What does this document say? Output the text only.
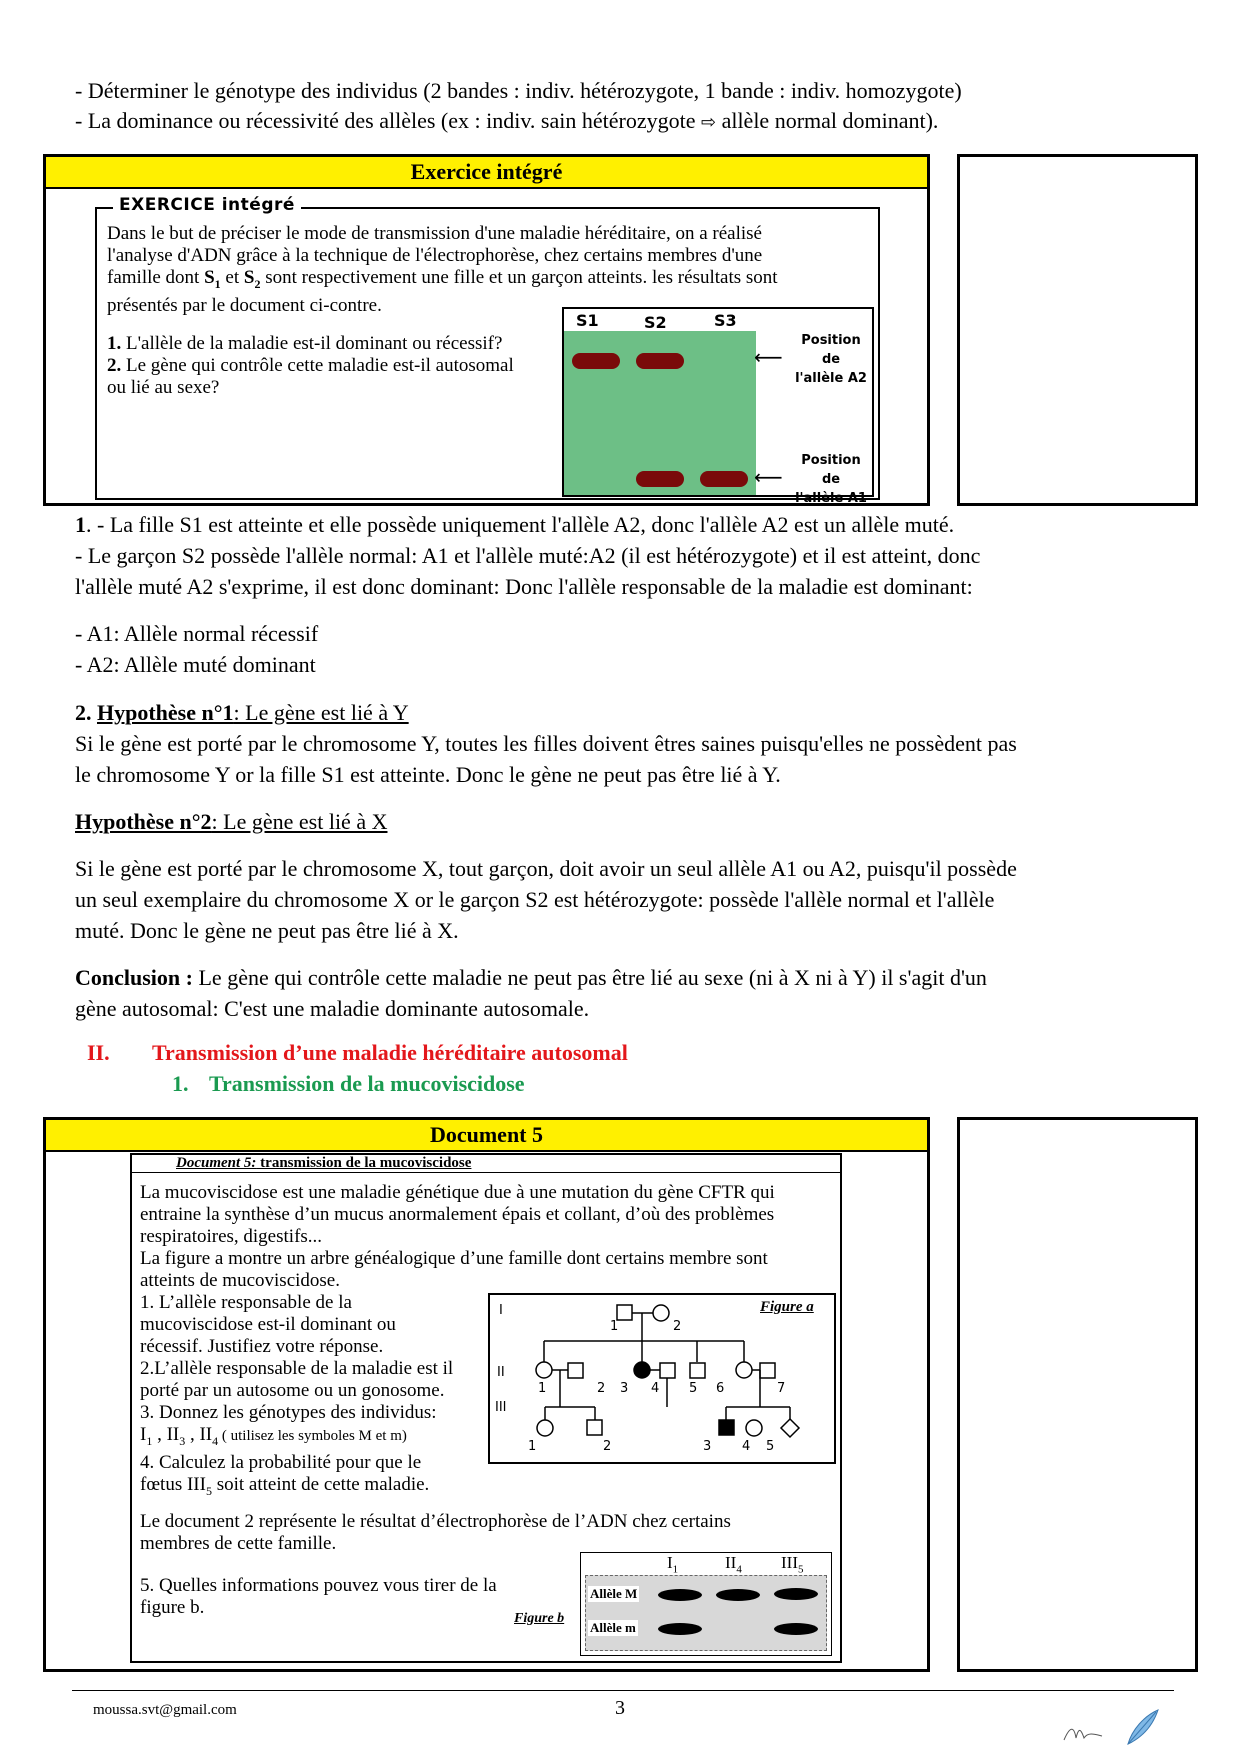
- Déterminer le génotype des individus (2 bandes : indiv. hétérozygote, 1 bande : indiv. homozygote)
- La dominance ou récessivité des allèles (ex : indiv. sain hétérozygote ⇨ allèle normal dominant).
Exercice intégré
EXERCICE intégré
Dans le but de préciser le mode de transmission d'une maladie héréditaire, on a réalisé
l'analyse d'ADN grâce à la technique de l'électrophorèse, chez certains membres d'une
famille dont $S_1$ et $S_2$ sont respectivement une fille et un garçon atteints. les résultats sont
présentés par le document ci-contre.
1. L'allèle de la maladie est-il dominant ou récessif?
2. Le gène qui contrôle cette maladie est-il autosomal
ou lié au sexe?
S1	S2	S3
⟵
Position de
l'allèle A2
⟵
Position de
l'allèle A1
1. - La fille S1 est atteinte et elle possède uniquement l'allèle A2, donc l'allèle A2 est un allèle muté.
- Le garçon S2 possède l'allèle normal: A1 et l'allèle muté:A2 (il est hétérozygote) et il est atteint, donc
l'allèle muté A2 s'exprime, il est donc dominant: Donc l'allèle responsable de la maladie est dominant:
- A1: Allèle normal récessif
- A2: Allèle muté dominant
2. Hypothèse n°1: Le gène est lié à Y
Si le gène est porté par le chromosome Y, toutes les filles doivent êtres saines puisqu'elles ne possèdent pas
le chromosome Y or la fille S1 est atteinte. Donc le gène ne peut pas être lié à Y.
Hypothèse n°2: Le gène est lié à X
Si le gène est porté par le chromosome X, tout garçon, doit avoir un seul allèle A1 ou A2, puisqu'il possède
un seul exemplaire du chromosome X or le garçon S2 est hétérozygote: possède l'allèle normal et l'allèle
muté. Donc le gène ne peut pas être lié à X.
Conclusion : Le gène qui contrôle cette maladie ne peut pas être lié au sexe (ni à X ni à Y) il s'agit d'un
gène autosomal: C'est une maladie dominante autosomale.
II. Transmission d’une maladie héréditaire autosomal
1. Transmission de la mucoviscidose
Document 5
Document 5: transmission de la mucoviscidose
La mucoviscidose est une maladie génétique due à une mutation du gène CFTR qui
entraine la synthèse d’un mucus anormalement épais et collant, d’où des problèmes
respiratoires, digestifs...
La figure a montre un arbre généalogique d’une famille dont certains membre sont
atteints de mucoviscidose.
1. L’allèle responsable de la
mucoviscidose est-il dominant ou
récessif. Justifiez votre réponse.
2.L’allèle responsable de la maladie est il
porté par un autosome ou un gonosome.
3. Donnez les génotypes des individus:
$I_1$ , $II_3$ , $II_4$ ( utilisez les symboles M et m)
4. Calculez la probabilité pour que le
fœtus $III_5$ soit atteint de cette maladie.
Figure a
I
II
III
1	2
1	2 3 4 5 6	7
1	2	3 4 5
Le document 2 représente le résultat d’électrophorèse de l’ADN chez certains
membres de cette famille.
5. Quelles informations pouvez vous tirer de la
figure b.
Figure b
$I_1$	$II_4$ $III_5$
Allèle M
Allèle m
moussa.svt@gmail.com	3
